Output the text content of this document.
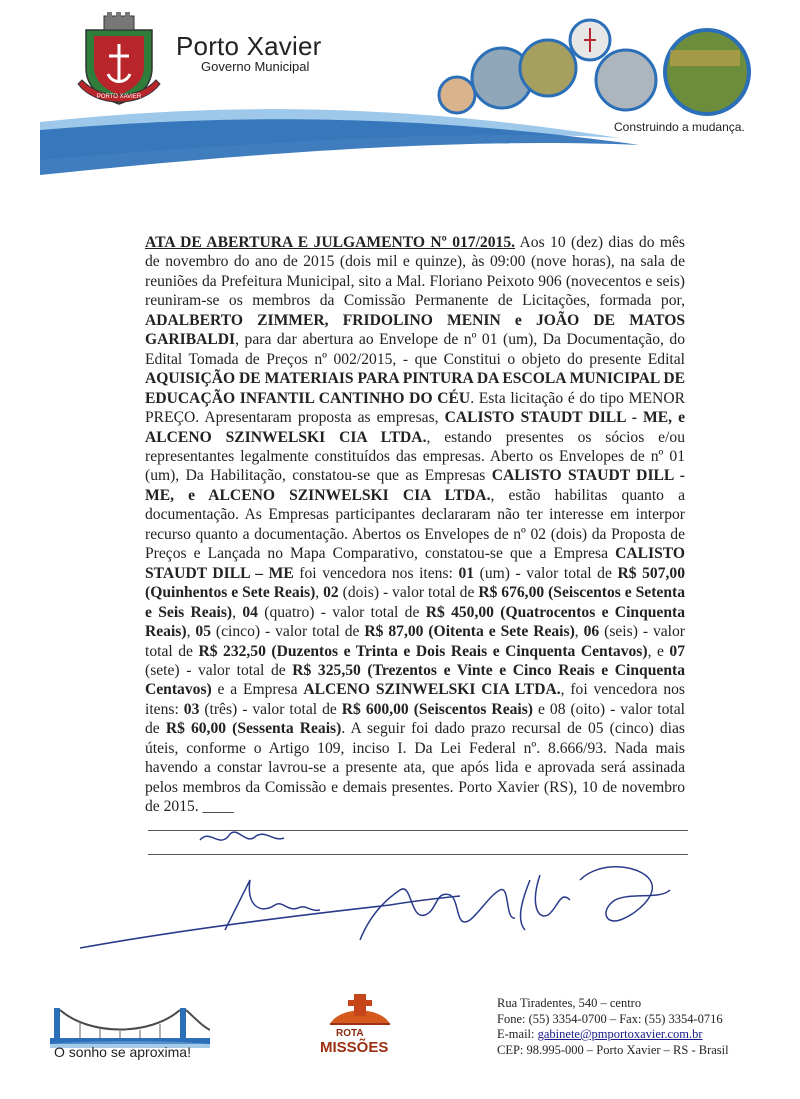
PORTO XAVIER
Porto Xavier
Governo Municipal
Construindo a mudança.
ATA DE ABERTURA E JULGAMENTO Nº 017/2015. Aos 10 (dez) dias do mês de novembro do ano de 2015 (dois mil e quinze), às 09:00 (nove horas), na sala de reuniões da Prefeitura Municipal, sito a Mal. Floriano Peixoto 906 (novecentos e seis) reuniram-se os membros da Comissão Permanente de Licitações, formada por, ADALBERTO ZIMMER, FRIDOLINO MENIN e JOÃO DE MATOS GARIBALDI, para dar abertura ao Envelope de nº 01 (um), Da Documentação, do Edital Tomada de Preços nº 002/2015, - que Constitui o objeto do presente Edital AQUISIÇÃO DE MATERIAIS PARA PINTURA DA ESCOLA MUNICIPAL DE EDUCAÇÃO INFANTIL CANTINHO DO CÉU. Esta licitação é do tipo MENOR PREÇO. Apresentaram proposta as empresas, CALISTO STAUDT DILL - ME, e ALCENO SZINWELSKI CIA LTDA., estando presentes os sócios e/ou representantes legalmente constituídos das empresas. Aberto os Envelopes de nº 01 (um), Da Habilitação, constatou-se que as Empresas CALISTO STAUDT DILL - ME, e ALCENO SZINWELSKI CIA LTDA., estão habilitas quanto a documentação. As Empresas participantes declararam não ter interesse em interpor recurso quanto a documentação. Abertos os Envelopes de nº 02 (dois) da Proposta de Preços e Lançada no Mapa Comparativo, constatou-se que a Empresa CALISTO STAUDT DILL – ME foi vencedora nos itens: 01 (um) - valor total de R$ 507,00 (Quinhentos e Sete Reais), 02 (dois) - valor total de R$ 676,00 (Seiscentos e Setenta e Seis Reais), 04 (quatro) - valor total de R$ 450,00 (Quatrocentos e Cinquenta Reais), 05 (cinco) - valor total de R$ 87,00 (Oitenta e Sete Reais), 06 (seis) - valor total de R$ 232,50 (Duzentos e Trinta e Dois Reais e Cinquenta Centavos), e 07 (sete) - valor total de R$ 325,50 (Trezentos e Vinte e Cinco Reais e Cinquenta Centavos) e a Empresa ALCENO SZINWELSKI CIA LTDA., foi vencedora nos itens: 03 (três) - valor total de R$ 600,00 (Seiscentos Reais) e 08 (oito) - valor total de R$ 60,00 (Sessenta Reais). A seguir foi dado prazo recursal de 05 (cinco) dias úteis, conforme o Artigo 109, inciso I. Da Lei Federal nº. 8.666/93. Nada mais havendo a constar lavrou-se a presente ata, que após lida e aprovada será assinada pelos membros da Comissão e demais presentes. Porto Xavier (RS), 10 de novembro de 2015. ____
O sonho se aproxima!
ROTA
MISSÕES
Rua Tiradentes, 540 – centro
Fone: (55) 3354-0700 – Fax: (55) 3354-0716
E-mail: gabinete@pmportoxavier.com.br
CEP: 98.995-000 – Porto Xavier – RS - Brasil
